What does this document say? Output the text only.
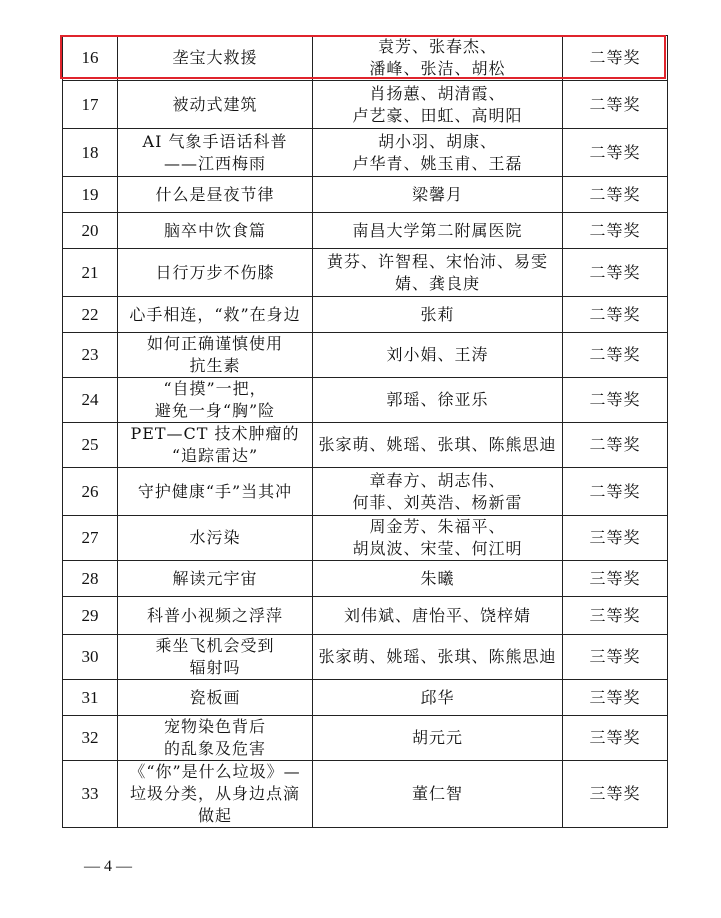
16	垄宝大救援	袁芳、张春杰、
潘峰、张洁、胡松	二等奖
17	被动式建筑	肖扬蕙、胡清霞、
卢艺豪、田虹、高明阳	二等奖
18	AI 气象手语话科普
——江西梅雨	胡小羽、胡康、
卢华青、姚玉甫、王磊	二等奖
19	什么是昼夜节律	梁馨月	二等奖
20	脑卒中饮食篇	南昌大学第二附属医院	二等奖
21	日行万步不伤膝	黄芬、许智程、宋怡沛、易雯
婧、龚良庚	二等奖
22	心手相连，“救”在身边	张莉	二等奖
23	如何正确谨慎使用
抗生素	刘小娟、王涛	二等奖
24	“自摸”一把，
避免一身“胸”险	郭瑶、徐亚乐	二等奖
25	PET—CT 技术肿瘤的
“追踪雷达”	张家萌、姚瑶、张琪、陈熊思迪	二等奖
26	守护健康“手”当其冲	章春方、胡志伟、
何菲、刘英浩、杨新雷	二等奖
27	水污染	周金芳、朱福平、
胡岚波、宋莹、何江明	三等奖
28	解读元宇宙	朱曦	三等奖
29	科普小视频之浮萍	刘伟斌、唐怡平、饶梓婧	三等奖
30	乘坐飞机会受到
辐射吗	张家萌、姚瑶、张琪、陈熊思迪	三等奖
31	瓷板画	邱华	三等奖
32	宠物染色背后
的乱象及危害	胡元元	三等奖
33	《“你”是什么垃圾》—
垃圾分类，从身边点滴
做起	董仁智	三等奖
— 4 —
